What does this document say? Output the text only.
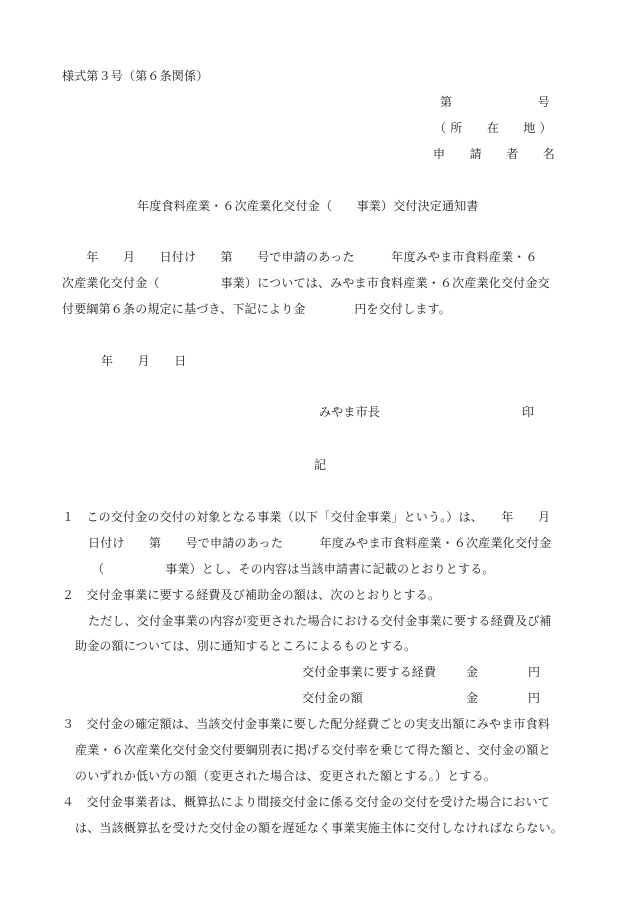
様式第３号（第６条関係）
第　　　　　　　号
（ 所　　在　　地 ）
申　　請　　者　　名
年度食料産業・６次産業化交付金（　　事業）交付決定通知書
　　年　　月　　日付け　　第　　号で申請のあった　　　年度みやま市食料産業・６
次産業化交付金（　　　　　事業）については、みやま市食料産業・６次産業化交付金交
付要綱第６条の規定に基づき、下記により金　　　　円を交付します。
年　　月　　日
みやま市長	印
記
１　この交付金の交付の対象となる事業（以下「交付金事業」という。）は、　　年　　月
日付け　　第　　号で申請のあった　　　年度みやま市食料産業・６次産業化交付金
（　　　　　事業）とし、その内容は当該申請書に記載のとおりとする。
２　交付金事業に要する経費及び補助金の額は、次のとおりとする。
ただし、交付金事業の内容が変更された場合における交付金事業に要する経費及び補
助金の額については、別に通知するところによるものとする。
交付金事業に要する経費 金	円
交付金の額	金	円
３　交付金の確定額は、当該交付金事業に要した配分経費ごとの実支出額にみやま市食料
産業・６次産業化交付金交付要綱別表に掲げる交付率を乗じて得た額と、交付金の額と
のいずれか低い方の額（変更された場合は、変更された額とする。）とする。
４　交付金事業者は、概算払により間接交付金に係る交付金の交付を受けた場合において
は、当該概算払を受けた交付金の額を遅延なく事業実施主体に交付しなければならない。
